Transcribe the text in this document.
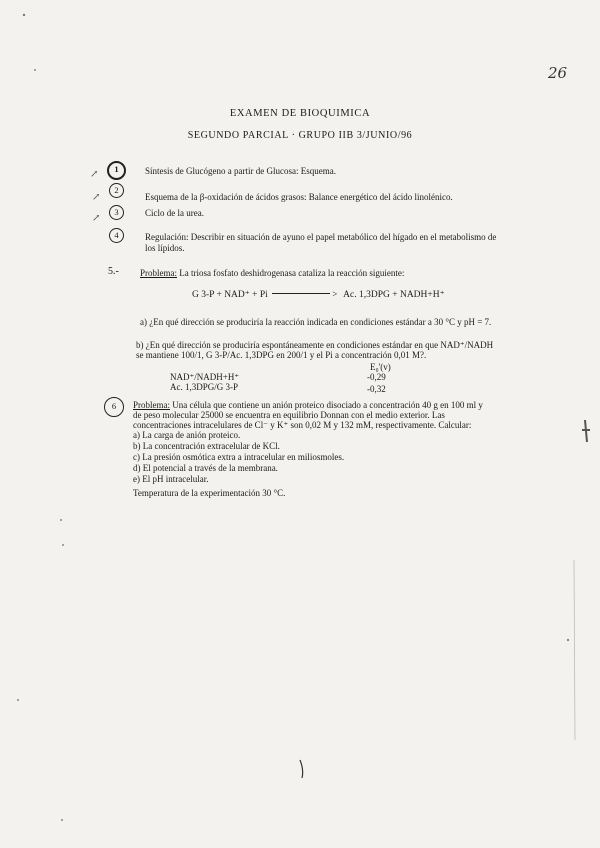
26
EXAMEN DE BIOQUIMICA
SEGUNDO PARCIAL · GRUPO IIB 3/JUNIO/96
1
↗	Síntesis de Glucógeno a partir de Glucosa: Esquema.
2
↗	Esquema de la β-oxidación de ácidos grasos: Balance energético del ácido linolénico.
3
↗	Ciclo de la urea.
4	Regulación: Describir en situación de ayuno el papel metabólico del hígado en el metabolismo de
los lípidos.
5.- Problema: La triosa fosfato deshidrogenasa cataliza la reacción siguiente:
G 3-P + NAD⁺ + Pi	> Ac. 1,3DPG + NADH+H⁺
a) ¿En qué dirección se produciría la reacción indicada en condiciones estándar a 30 °C y pH = 7.
b) ¿En qué dirección se produciría espontáneamente en condiciones estándar en que NAD⁺/NADH
se mantiene 100/1, G 3-P/Ac. 1,3DPG en 200/1 y el Pi a concentración 0,01 M?.
E₀'(v)
NAD⁺/NADH+H⁺	-0,29
Ac. 1,3DPG/G 3-P	-0,32
6	Problema: Una célula que contiene un anión proteico disociado a concentración 40 g en 100 ml y
de peso molecular 25000 se encuentra en equilibrio Donnan con el medio exterior. Las
concentraciones intracelulares de Cl⁻ y K⁺ son 0,02 M y 132 mM, respectivamente. Calcular:
a) La carga de anión proteico.
b) La concentración extracelular de KCl.
c) La presión osmótica extra a intracelular en miliosmoles.
d) El potencial a través de la membrana.
e) El pH intracelular.
Temperatura de la experimentación 30 °C.
